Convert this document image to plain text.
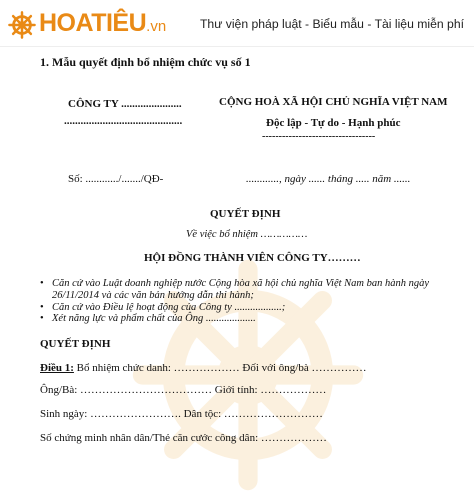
HOATIÊU.vn	Thư viện pháp luật - Biểu mẫu - Tài liệu miễn phí
1. Mẫu quyết định bổ nhiệm chức vụ số 1
CÔNG TY ......................
...........................................
CỘNG HOÀ XÃ HỘI CHỦ NGHĨA VIỆT NAM
Độc lập - Tự do - Hạnh phúc
----------------------------------
Số: ............/......./QĐ-	............, ngày ...... tháng ..... năm ......
QUYẾT ĐỊNH
Về việc bổ nhiệm ……………
HỘI ĐỒNG THÀNH VIÊN CÔNG TY………
• Căn cứ vào Luật doanh nghiệp nước Cộng hòa xã hội chủ nghĩa Việt Nam ban hành ngày
26/11/2014 và các văn bản hướng dẫn thi hành;
• Căn cứ vào Điều lệ hoạt động của Công ty ..................;
• Xét năng lực và phẩm chất của Ông ...................
QUYẾT ĐỊNH
Điều 1: Bổ nhiệm chức danh: ……………… Đối với ông/bà ……………
Ông/Bà: ……………………………… Giới tính: ………………
Sinh ngày: ……………………. Dân tộc: ………………………
Số chứng minh nhân dân/Thẻ căn cước công dân: ………………
